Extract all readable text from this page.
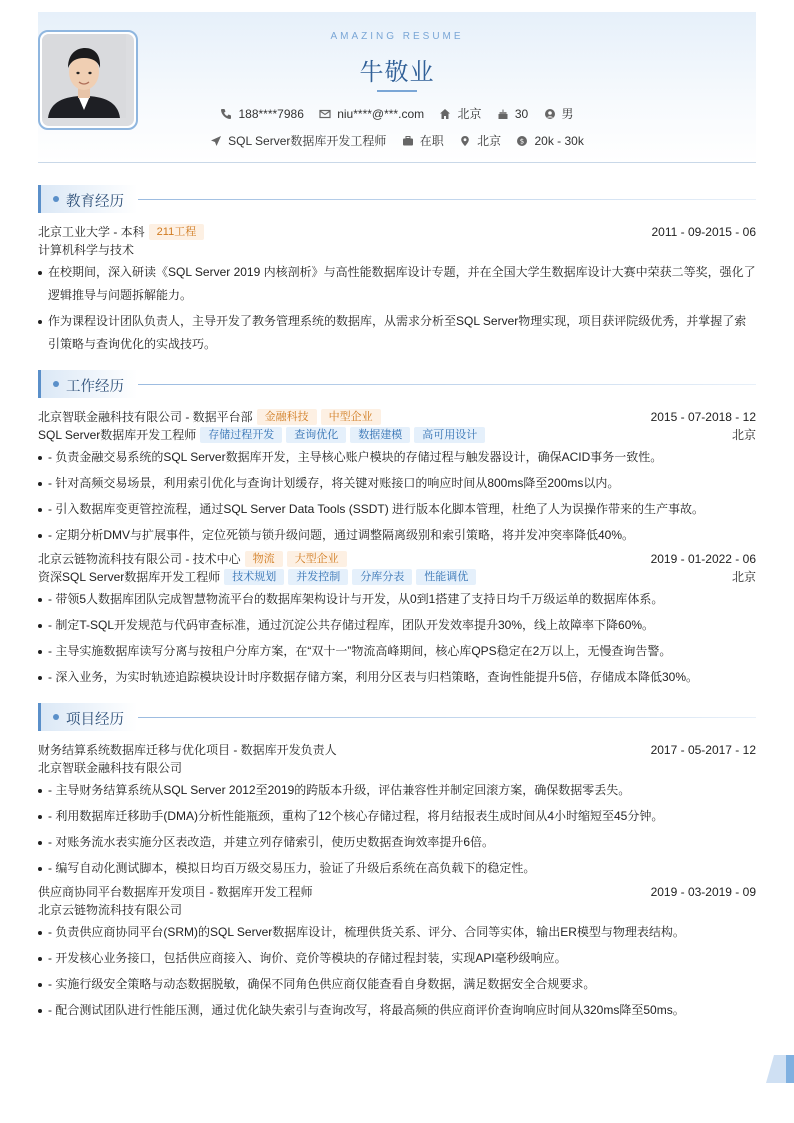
AMAZING RESUME
牛敬业
188****7986	niu****@***.com	北京	30	男
SQL Server数据库开发工程师	在职	北京	$ 20k - 30k
教育经历
北京工业大学 - 本科 211工程	2011 - 09-2015 - 06
计算机科学与技术
在校期间，深入研读《SQL Server 2019 内核剖析》与高性能数据库设计专题，并在全国大学生数据库设计大赛中荣获二等奖，强化了逻辑推导与问题拆解能力。
作为课程设计团队负责人，主导开发了教务管理系统的数据库，从需求分析至SQL Server物理实现，项目获评院级优秀，并掌握了索引策略与查询优化的实战技巧。
工作经历
北京智联金融科技有限公司 - 数据平台部 金融科技 中型企业	2015 - 07-2018 - 12
SQL Server数据库开发工程师 存储过程开发 查询优化 数据建模 高可用设计	北京
- 负责金融交易系统的SQL Server数据库开发，主导核心账户模块的存储过程与触发器设计，确保ACID事务一致性。
- 针对高频交易场景，利用索引优化与查询计划缓存，将关键对账接口的响应时间从800ms降至200ms以内。
- 引入数据库变更管控流程，通过SQL Server Data Tools (SSDT) 进行版本化脚本管理，杜绝了人为误操作带来的生产事故。
- 定期分析DMV与扩展事件，定位死锁与锁升级问题，通过调整隔离级别和索引策略，将并发冲突率降低40%。
北京云链物流科技有限公司 - 技术中心 物流 大型企业	2019 - 01-2022 - 06
资深SQL Server数据库开发工程师 技术规划 并发控制 分库分表 性能调优	北京
- 带领5人数据库团队完成智慧物流平台的数据库架构设计与开发，从0到1搭建了支持日均千万级运单的数据库体系。
- 制定T-SQL开发规范与代码审查标准，通过沉淀公共存储过程库，团队开发效率提升30%，线上故障率下降60%。
- 主导实施数据库读写分离与按租户分库方案，在“双十一”物流高峰期间，核心库QPS稳定在2万以上，无慢查询告警。
- 深入业务，为实时轨迹追踪模块设计时序数据存储方案，利用分区表与归档策略，查询性能提升5倍，存储成本降低30%。
项目经历
财务结算系统数据库迁移与优化项目 - 数据库开发负责人	2017 - 05-2017 - 12
北京智联金融科技有限公司
- 主导财务结算系统从SQL Server 2012至2019的跨版本升级，评估兼容性并制定回滚方案，确保数据零丢失。
- 利用数据库迁移助手(DMA)分析性能瓶颈，重构了12个核心存储过程，将月结报表生成时间从4小时缩短至45分钟。
- 对账务流水表实施分区表改造，并建立列存储索引，使历史数据查询效率提升6倍。
- 编写自动化测试脚本，模拟日均百万级交易压力，验证了升级后系统在高负载下的稳定性。
供应商协同平台数据库开发项目 - 数据库开发工程师	2019 - 03-2019 - 09
北京云链物流科技有限公司
- 负责供应商协同平台(SRM)的SQL Server数据库设计，梳理供货关系、评分、合同等实体，输出ER模型与物理表结构。
- 开发核心业务接口，包括供应商接入、询价、竞价等模块的存储过程封装，实现API毫秒级响应。
- 实施行级安全策略与动态数据脱敏，确保不同角色供应商仅能查看自身数据，满足数据安全合规要求。
- 配合测试团队进行性能压测，通过优化缺失索引与查询改写，将最高频的供应商评价查询响应时间从320ms降至50ms。
